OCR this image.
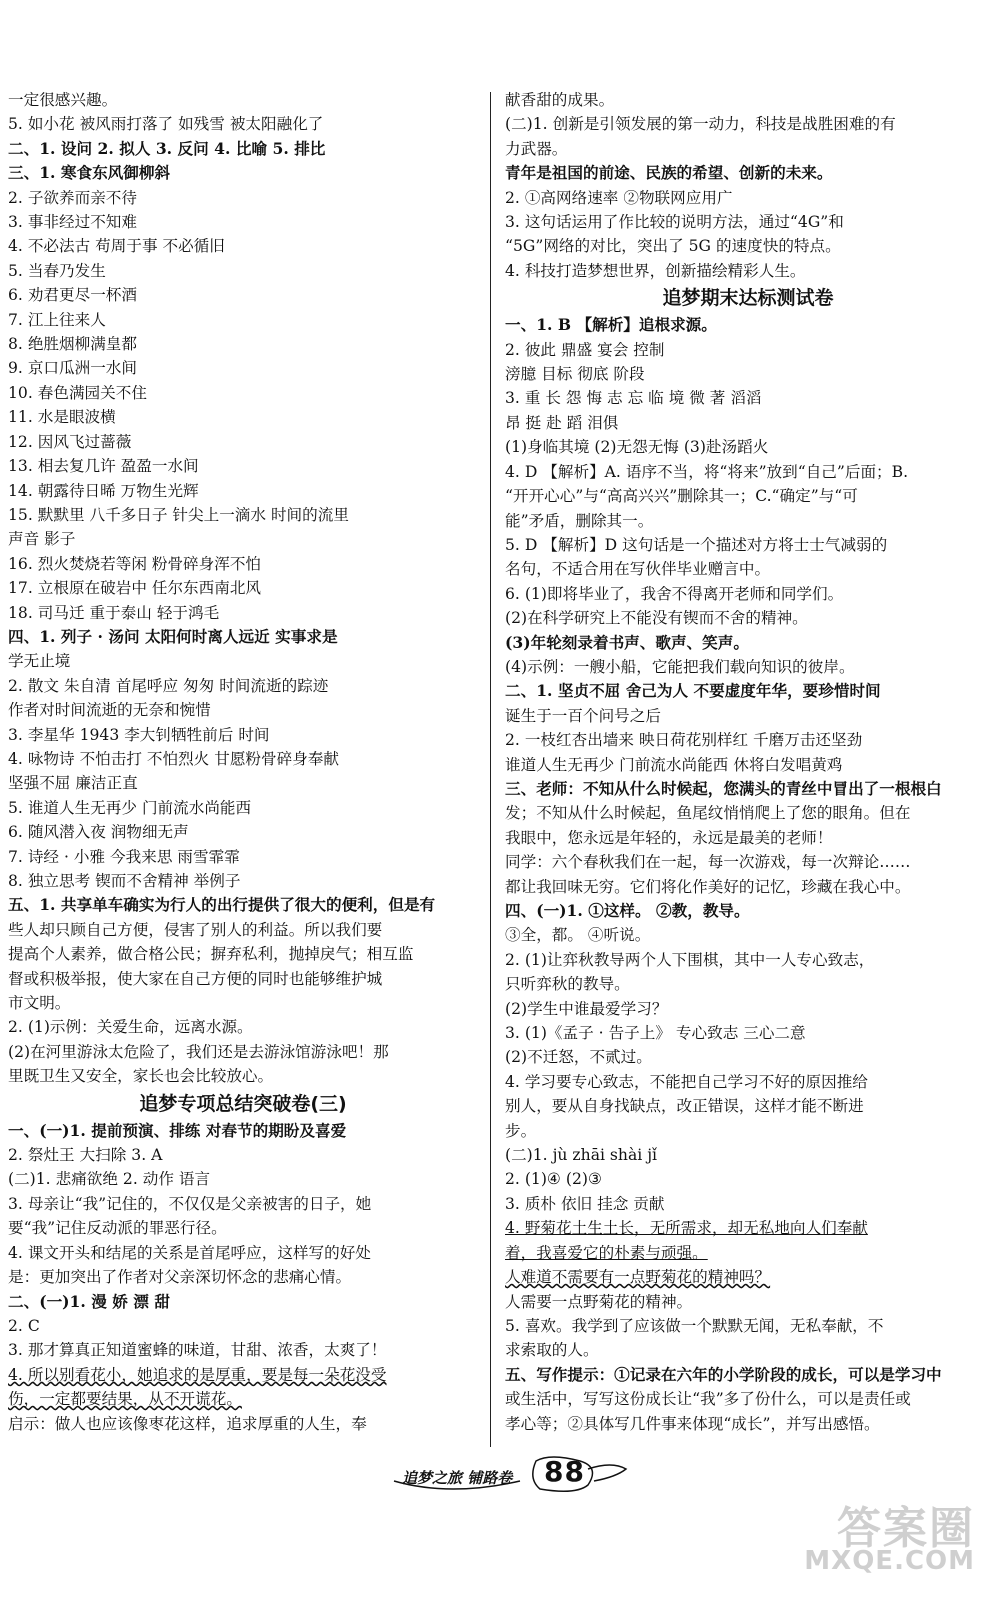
一定很感兴趣。
5. 如小花 被风雨打落了 如残雪 被太阳融化了
二、1. 设问 2. 拟人 3. 反问 4. 比喻 5. 排比
三、1. 寒食东风御柳斜
2. 子欲养而亲不待
3. 事非经过不知难
4. 不必法古 苟周于事 不必循旧
5. 当春乃发生
6. 劝君更尽一杯酒
7. 江上往来人
8. 绝胜烟柳满皇都
9. 京口瓜洲一水间
10. 春色满园关不住
11. 水是眼波横
12. 因风飞过蔷薇
13. 相去复几许 盈盈一水间
14. 朝露待日晞 万物生光辉
15. 默默里 八千多日子 针尖上一滴水 时间的流里
声音 影子
16. 烈火焚烧若等闲 粉骨碎身浑不怕
17. 立根原在破岩中 任尔东西南北风
18. 司马迁 重于泰山 轻于鸿毛
四、1. 列子 · 汤问 太阳何时离人远近 实事求是
学无止境
2. 散文 朱自清 首尾呼应 匆匆 时间流逝的踪迹
作者对时间流逝的无奈和惋惜
3. 李星华 1943 李大钊牺牲前后 时间
4. 咏物诗 不怕击打 不怕烈火 甘愿粉骨碎身奉献
坚强不屈 廉洁正直
5. 谁道人生无再少 门前流水尚能西
6. 随风潜入夜 润物细无声
7. 诗经 · 小雅 今我来思 雨雪霏霏
8. 独立思考 锲而不舍精神 举例子
五、1. 共享单车确实为行人的出行提供了很大的便利，但是有
些人却只顾自己方便，侵害了别人的利益。所以我们要
提高个人素养，做合格公民；摒弃私利，抛掉戾气；相互监
督或积极举报，使大家在自己方便的同时也能够维护城
市文明。
2. (1)示例：关爱生命，远离水源。
(2)在河里游泳太危险了，我们还是去游泳馆游泳吧！那
里既卫生又安全，家长也会比较放心。
追梦专项总结突破卷(三)
一、(一)1. 提前预演、排练 对春节的期盼及喜爱
2. 祭灶王 大扫除 3. A
(二)1. 悲痛欲绝 2. 动作 语言
3. 母亲让“我”记住的，不仅仅是父亲被害的日子，她
要“我”记住反动派的罪恶行径。
4. 课文开头和结尾的关系是首尾呼应，这样写的好处
是：更加突出了作者对父亲深切怀念的悲痛心情。
二、(一)1. 漫 娇 漂 甜
2. C
3. 那才算真正知道蜜蜂的味道，甘甜、浓香，太爽了！
4. 所以别看花小，她追求的是厚重，要是每一朵花没受
伤，一定都要结果，从不开谎花。
启示：做人也应该像枣花这样，追求厚重的人生，奉
献香甜的成果。
(二)1. 创新是引领发展的第一动力，科技是战胜困难的有
力武器。
青年是祖国的前途、民族的希望、创新的未来。
2. ①高网络速率 ②物联网应用广
3. 这句话运用了作比较的说明方法，通过“4G”和
“5G”网络的对比，突出了 5G 的速度快的特点。
4. 科技打造梦想世界，创新描绘精彩人生。
追梦期末达标测试卷
一、1. B 【解析】追根求源。
2. 彼此 鼎盛 宴会 控制
滂臆 目标 彻底 阶段
3. 重 长 怨 悔 志 忘 临 境 微 著 滔滔
昂 挺 赴 蹈 泪俱
(1)身临其境 (2)无怨无悔 (3)赴汤蹈火
4. D 【解析】A. 语序不当，将“将来”放到“自己”后面；B.
“开开心心”与“高高兴兴”删除其一；C.“确定”与“可
能”矛盾，删除其一。
5. D 【解析】D 这句话是一个描述对方将士士气减弱的
名句，不适合用在写伙伴毕业赠言中。
6. (1)即将毕业了，我舍不得离开老师和同学们。
(2)在科学研究上不能没有锲而不舍的精神。
(3)年轮刻录着书声、歌声、笑声。
(4)示例：一艘小船，它能把我们载向知识的彼岸。
二、1. 坚贞不屈 舍己为人 不要虚度年华，要珍惜时间
诞生于一百个问号之后
2. 一枝红杏出墙来 映日荷花别样红 千磨万击还坚劲
谁道人生无再少 门前流水尚能西 休将白发唱黄鸡
三、老师：不知从什么时候起，您满头的青丝中冒出了一根根白
发；不知从什么时候起，鱼尾纹悄悄爬上了您的眼角。但在
我眼中，您永远是年轻的，永远是最美的老师！
同学：六个春秋我们在一起，每一次游戏，每一次辩论……
都让我回味无穷。它们将化作美好的记忆，珍藏在我心中。
四、(一)1. ①这样。 ②教，教导。
③全，都。 ④听说。
2. (1)让弈秋教导两个人下围棋，其中一人专心致志，
只听弈秋的教导。
(2)学生中谁最爱学习？
3. (1)《孟子 · 告子上》 专心致志 三心二意
(2)不迁怒，不贰过。
4. 学习要专心致志，不能把自己学习不好的原因推给
别人，要从自身找缺点，改正错误，这样才能不断进
步。
(二)1. jù zhāi shài jǐ
2. (1)④ (2)③
3. 质朴 依旧 挂念 贡献
4. 野菊花土生土长，无所需求，却无私地向人们奉献
着，我喜爱它的朴素与顽强。
人难道不需要有一点野菊花的精神吗？
人需要一点野菊花的精神。
5. 喜欢。我学到了应该做一个默默无闻，无私奉献，不
求索取的人。
五、写作提示：①记录在六年的小学阶段的成长，可以是学习中
或生活中，写写这份成长让“我”多了份什么，可以是责任或
孝心等；②具体写几件事来体现“成长”，并写出感悟。
追梦之旅 铺路卷 88
答案圈
MXQE.COM
